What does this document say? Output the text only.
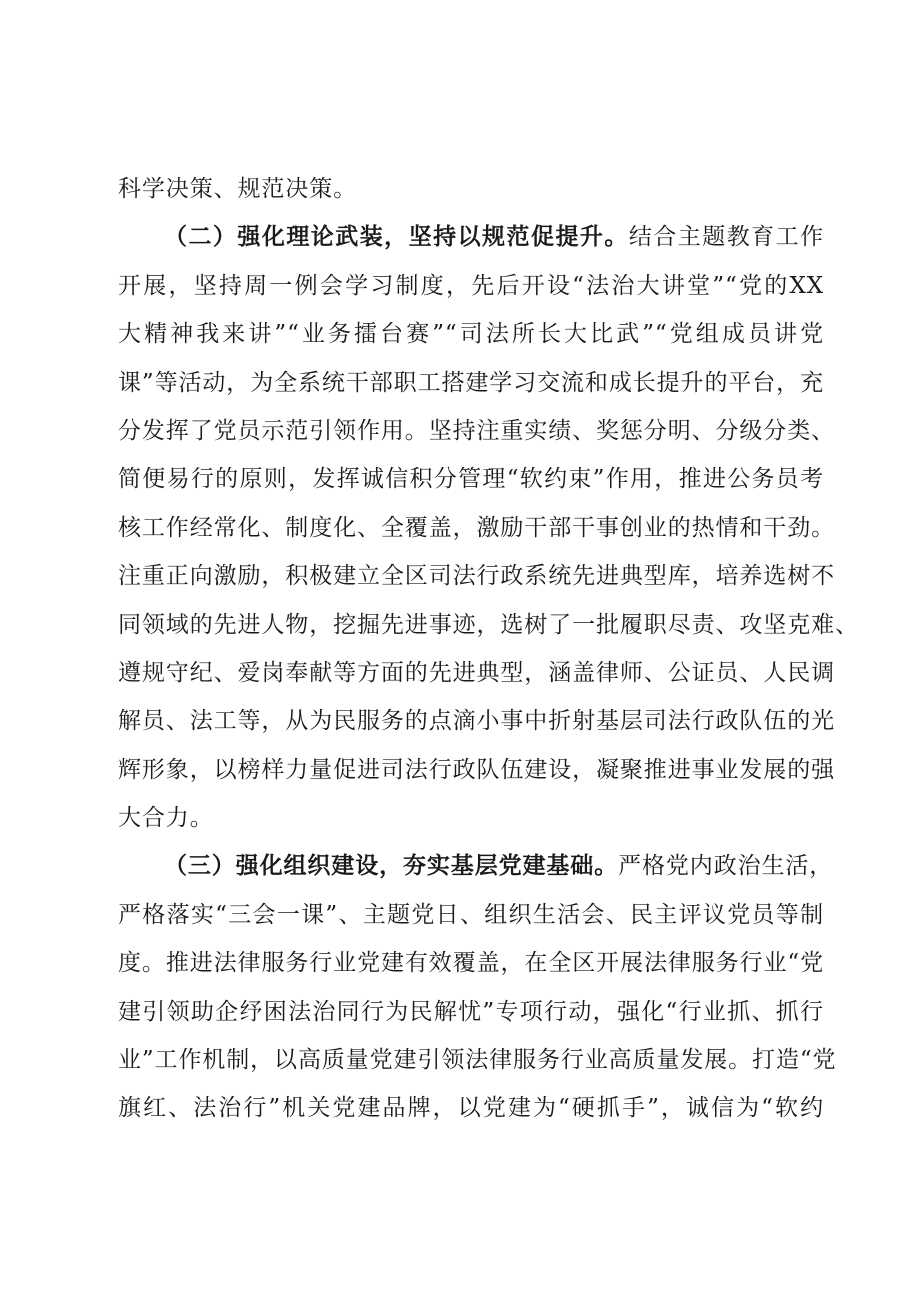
科学决策、规范决策。
（二）强化理论武装，坚持以规范促提升。结合主题教育工作
开展，坚持周一例会学习制度，先后开设“法治大讲堂”“党的XX
大精神我来讲”“业务擂台赛”“司法所长大比武”“党组成员讲党
课”等活动，为全系统干部职工搭建学习交流和成长提升的平台，充
分发挥了党员示范引领作用。坚持注重实绩、奖惩分明、分级分类、
简便易行的原则，发挥诚信积分管理“软约束”作用，推进公务员考
核工作经常化、制度化、全覆盖，激励干部干事创业的热情和干劲。
注重正向激励，积极建立全区司法行政系统先进典型库，培养选树不
同领域的先进人物，挖掘先进事迹，选树了一批履职尽责、攻坚克难、
遵规守纪、爱岗奉献等方面的先进典型，涵盖律师、公证员、人民调
解员、法工等，从为民服务的点滴小事中折射基层司法行政队伍的光
辉形象，以榜样力量促进司法行政队伍建设，凝聚推进事业发展的强
大合力。
（三）强化组织建设，夯实基层党建基础。严格党内政治生活，
严格落实“三会一课”、主题党日、组织生活会、民主评议党员等制
度。推进法律服务行业党建有效覆盖，在全区开展法律服务行业“党
建引领助企纾困法治同行为民解忧”专项行动，强化“行业抓、抓行
业”工作机制，以高质量党建引领法律服务行业高质量发展。打造“党
旗红、法治行”机关党建品牌，以党建为“硬抓手”，诚信为“软约
